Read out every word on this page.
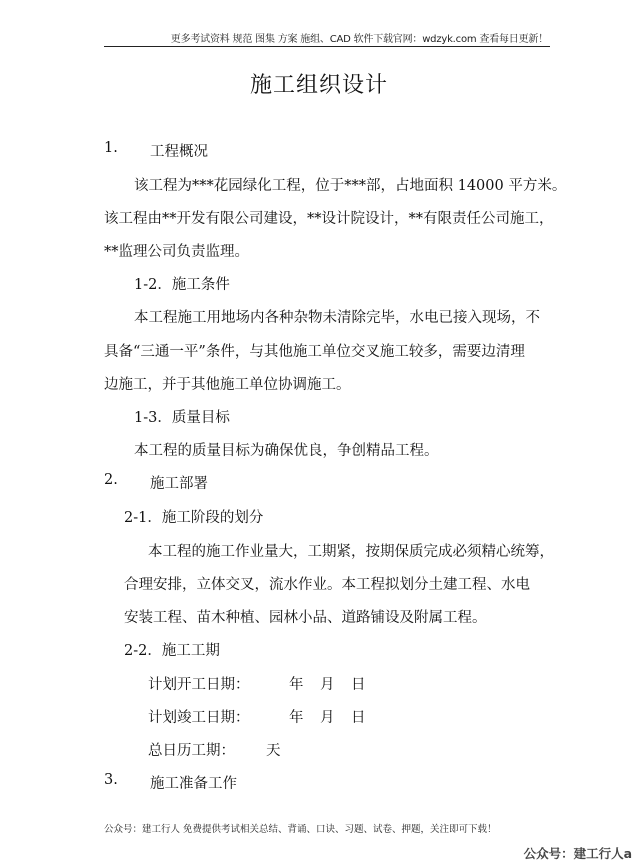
更多考试资料 规范 图集 方案 施组、CAD 软件下载官网：wdzyk.com 查看每日更新！
施工组织设计
1. 工程概况
该工程为***花园绿化工程，位于***部，占地面积 14000 平方米。
该工程由**开发有限公司建设，**设计院设计，**有限责任公司施工，
**监理公司负责监理。
1-2．施工条件
本工程施工用地场内各种杂物未清除完毕，水电已接入现场，不
具备“三通一平”条件，与其他施工单位交叉施工较多，需要边清理
边施工，并于其他施工单位协调施工。
1-3．质量目标
本工程的质量目标为确保优良，争创精品工程。
2. 施工部署
2-1．施工阶段的划分
本工程的施工作业量大，工期紧，按期保质完成必须精心统筹，
合理安排，立体交叉，流水作业。本工程拟划分土建工程、水电
安装工程、苗木种植、园林小品、道路铺设及附属工程。
2-2．施工工期
计划开工日期：	年 月 日
计划竣工日期：	年 月 日
总日历工期： 天
3. 施工准备工作
公众号：建工行人 免费提供考试相关总结、背诵、口诀、习题、试卷、押题，关注即可下载！
公众号：建工行人a
